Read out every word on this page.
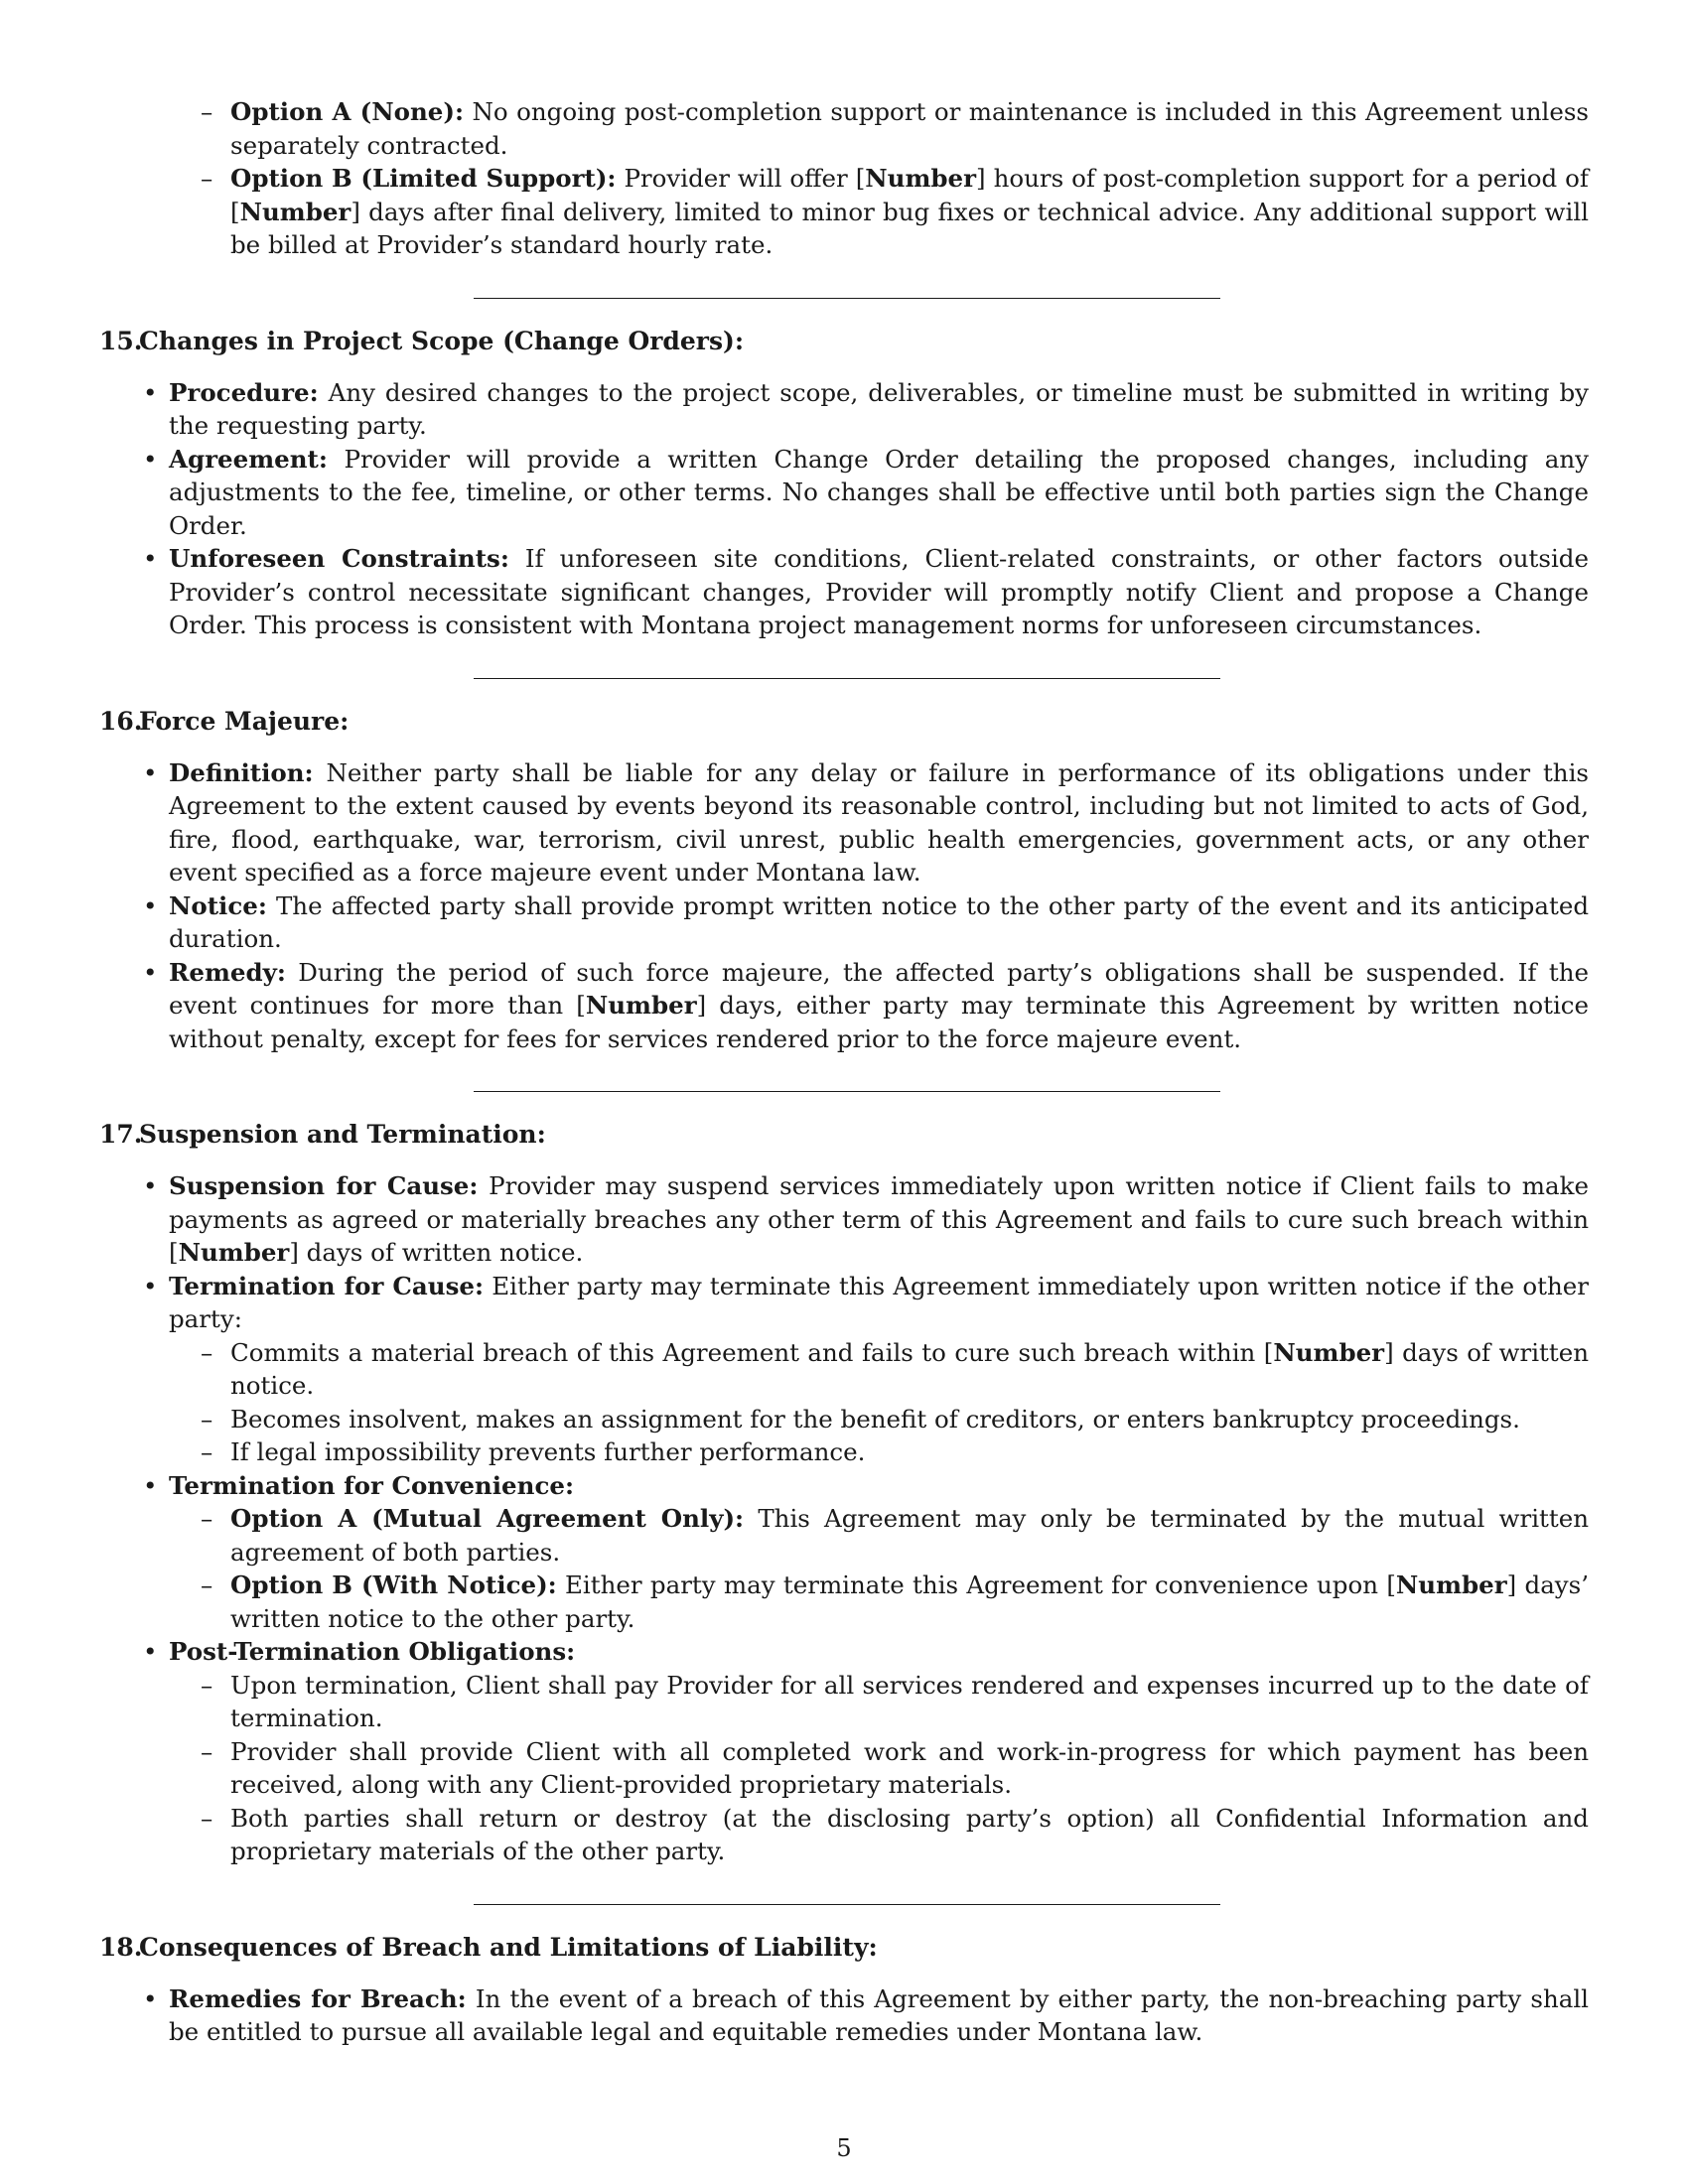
– Option A (None): No ongoing post-completion support or maintenance is included in this Agreement unless separately contracted.
– Option B (Limited Support): Provider will offer [Number] hours of post-completion support for a period of [Number] days after final delivery, limited to minor bug fixes or technical advice. Any additional support will be billed at Provider’s standard hourly rate.
15.Changes in Project Scope (Change Orders):
• Procedure: Any desired changes to the project scope, deliverables, or timeline must be submitted in writing by the requesting party.
• Agreement: Provider will provide a written Change Order detailing the proposed changes, including any adjustments to the fee, timeline, or other terms. No changes shall be effective until both parties sign the Change Order.
• Unforeseen Constraints: If unforeseen site conditions, Client-related constraints, or other factors outside Provider’s control necessitate significant changes, Provider will promptly notify Client and propose a Change Order. This process is consistent with Montana project management norms for unforeseen circumstances.
16.Force Majeure:
• Definition: Neither party shall be liable for any delay or failure in performance of its obligations under this Agreement to the extent caused by events beyond its reasonable control, including but not limited to acts of God, fire, flood, earthquake, war, terrorism, civil unrest, public health emergencies, government acts, or any other event specified as a force majeure event under Montana law.
• Notice: The affected party shall provide prompt written notice to the other party of the event and its anticipated duration.
• Remedy: During the period of such force majeure, the affected party’s obligations shall be suspended. If the event continues for more than [Number] days, either party may terminate this Agreement by written notice without penalty, except for fees for services rendered prior to the force majeure event.
17.Suspension and Termination:
• Suspension for Cause: Provider may suspend services immediately upon written notice if Client fails to make payments as agreed or materially breaches any other term of this Agreement and fails to cure such breach within [Number] days of written notice.
• Termination for Cause: Either party may terminate this Agreement immediately upon written notice if the other party:
– Commits a material breach of this Agreement and fails to cure such breach within [Number] days of written notice.
– Becomes insolvent, makes an assignment for the benefit of creditors, or enters bankruptcy proceedings.
– If legal impossibility prevents further performance.
• Termination for Convenience:
– Option A (Mutual Agreement Only): This Agreement may only be terminated by the mutual written agreement of both parties.
– Option B (With Notice): Either party may terminate this Agreement for convenience upon [Number] days’ written notice to the other party.
• Post-Termination Obligations:
– Upon termination, Client shall pay Provider for all services rendered and expenses incurred up to the date of termination.
– Provider shall provide Client with all completed work and work-in-progress for which payment has been received, along with any Client-provided proprietary materials.
– Both parties shall return or destroy (at the disclosing party’s option) all Confidential Information and proprietary materials of the other party.
18.Consequences of Breach and Limitations of Liability:
• Remedies for Breach: In the event of a breach of this Agreement by either party, the non-breaching party shall be entitled to pursue all available legal and equitable remedies under Montana law.
5
